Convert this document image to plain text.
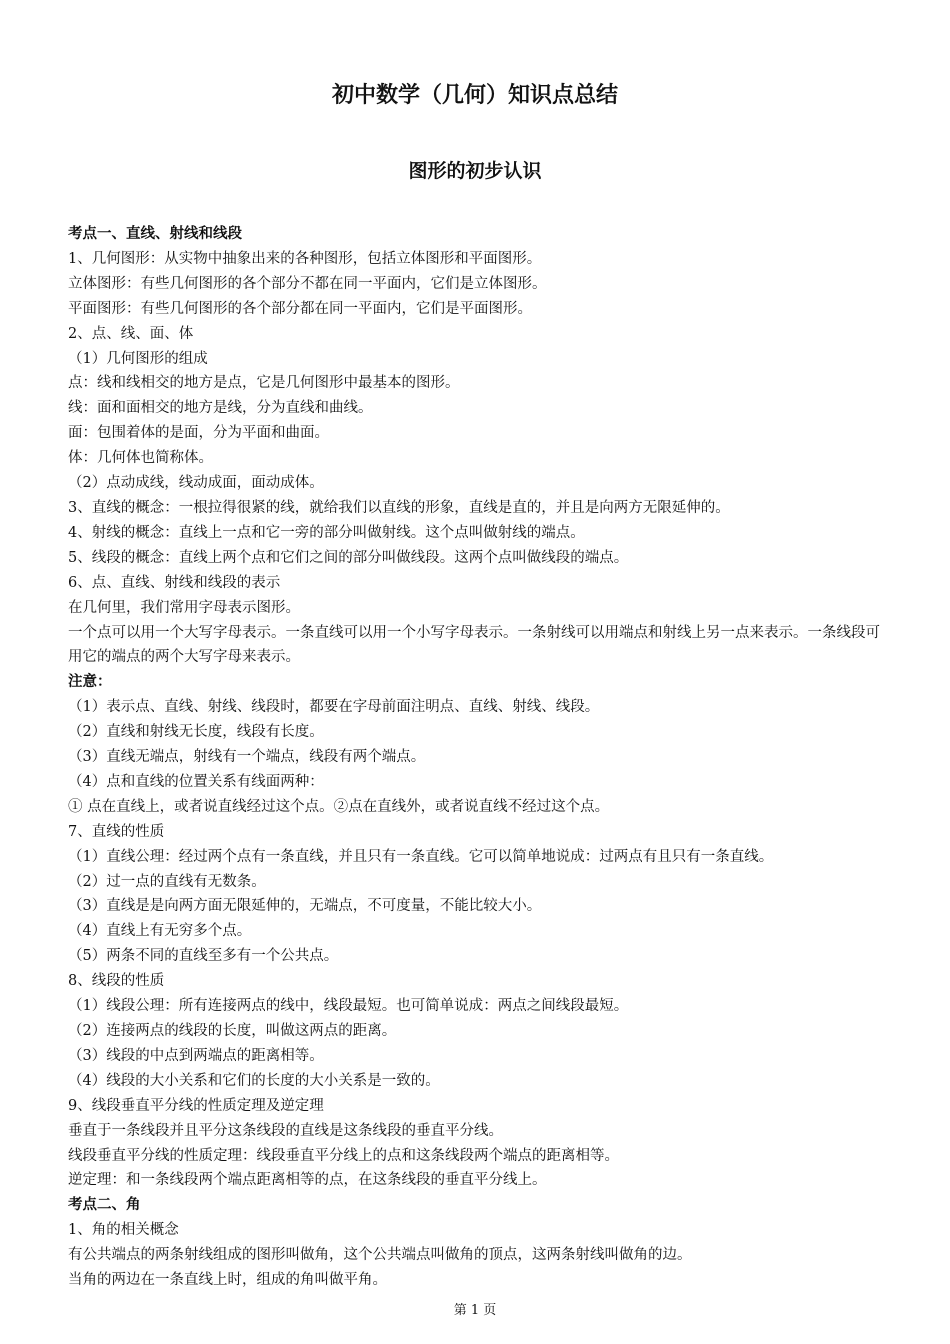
初中数学（几何）知识点总结
图形的初步认识

考点一、直线、射线和线段

1、几何图形：从实物中抽象出来的各种图形，包括立体图形和平面图形。

立体图形：有些几何图形的各个部分不都在同一平面内，它们是立体图形。

平面图形：有些几何图形的各个部分都在同一平面内，它们是平面图形。

2、点、线、面、体

（1）几何图形的组成

点：线和线相交的地方是点，它是几何图形中最基本的图形。

线：面和面相交的地方是线，分为直线和曲线。

面：包围着体的是面，分为平面和曲面。

体：几何体也简称体。

（2）点动成线，线动成面，面动成体。

3、直线的概念：一根拉得很紧的线，就给我们以直线的形象，直线是直的，并且是向两方无限延伸的。

4、射线的概念：直线上一点和它一旁的部分叫做射线。这个点叫做射线的端点。

5、线段的概念：直线上两个点和它们之间的部分叫做线段。这两个点叫做线段的端点。

6、点、直线、射线和线段的表示

在几何里，我们常用字母表示图形。

一个点可以用一个大写字母表示。一条直线可以用一个小写字母表示。一条射线可以用端点和射线上另一点来表示。一条线段可用它的端点的两个大写字母来表示。

注意：

（1）表示点、直线、射线、线段时，都要在字母前面注明点、直线、射线、线段。

（2）直线和射线无长度，线段有长度。

（3）直线无端点，射线有一个端点，线段有两个端点。

（4）点和直线的位置关系有线面两种：

① 点在直线上，或者说直线经过这个点。②点在直线外，或者说直线不经过这个点。

7、直线的性质

（1）直线公理：经过两个点有一条直线，并且只有一条直线。它可以简单地说成：过两点有且只有一条直线。

（2）过一点的直线有无数条。

（3）直线是是向两方面无限延伸的，无端点，不可度量，不能比较大小。

（4）直线上有无穷多个点。

（5）两条不同的直线至多有一个公共点。

8、线段的性质

（1）线段公理：所有连接两点的线中，线段最短。也可简单说成：两点之间线段最短。

（2）连接两点的线段的长度，叫做这两点的距离。

（3）线段的中点到两端点的距离相等。

（4）线段的大小关系和它们的长度的大小关系是一致的。

9、线段垂直平分线的性质定理及逆定理

垂直于一条线段并且平分这条线段的直线是这条线段的垂直平分线。

线段垂直平分线的性质定理：线段垂直平分线上的点和这条线段两个端点的距离相等。

逆定理：和一条线段两个端点距离相等的点，在这条线段的垂直平分线上。

考点二、角

1、角的相关概念

有公共端点的两条射线组成的图形叫做角，这个公共端点叫做角的顶点，这两条射线叫做角的边。

当角的两边在一条直线上时，组成的角叫做平角。

第 1 页
